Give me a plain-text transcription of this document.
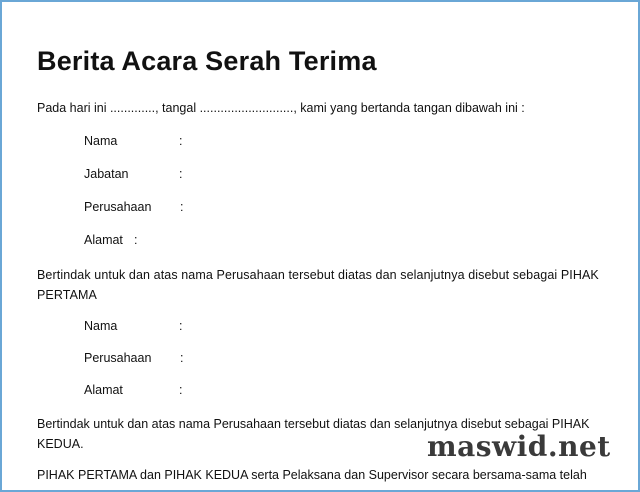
Berita Acara Serah Terima
Pada hari ini ............., tangal ..........................., kami yang bertanda tangan dibawah ini :
Nama	:
Jabatan	:
Perusahaan :
Alamat :
Bertindak untuk dan atas nama Perusahaan tersebut diatas dan selanjutnya disebut sebagai PIHAK PERTAMA
Nama	:
Perusahaan :
Alamat	:
Bertindak untuk dan atas nama Perusahaan tersebut diatas dan selanjutnya disebut sebagai PIHAK KEDUA.
PIHAK PERTAMA dan PIHAK KEDUA serta Pelaksana dan Supervisor secara bersama-sama telah
maswid.net
